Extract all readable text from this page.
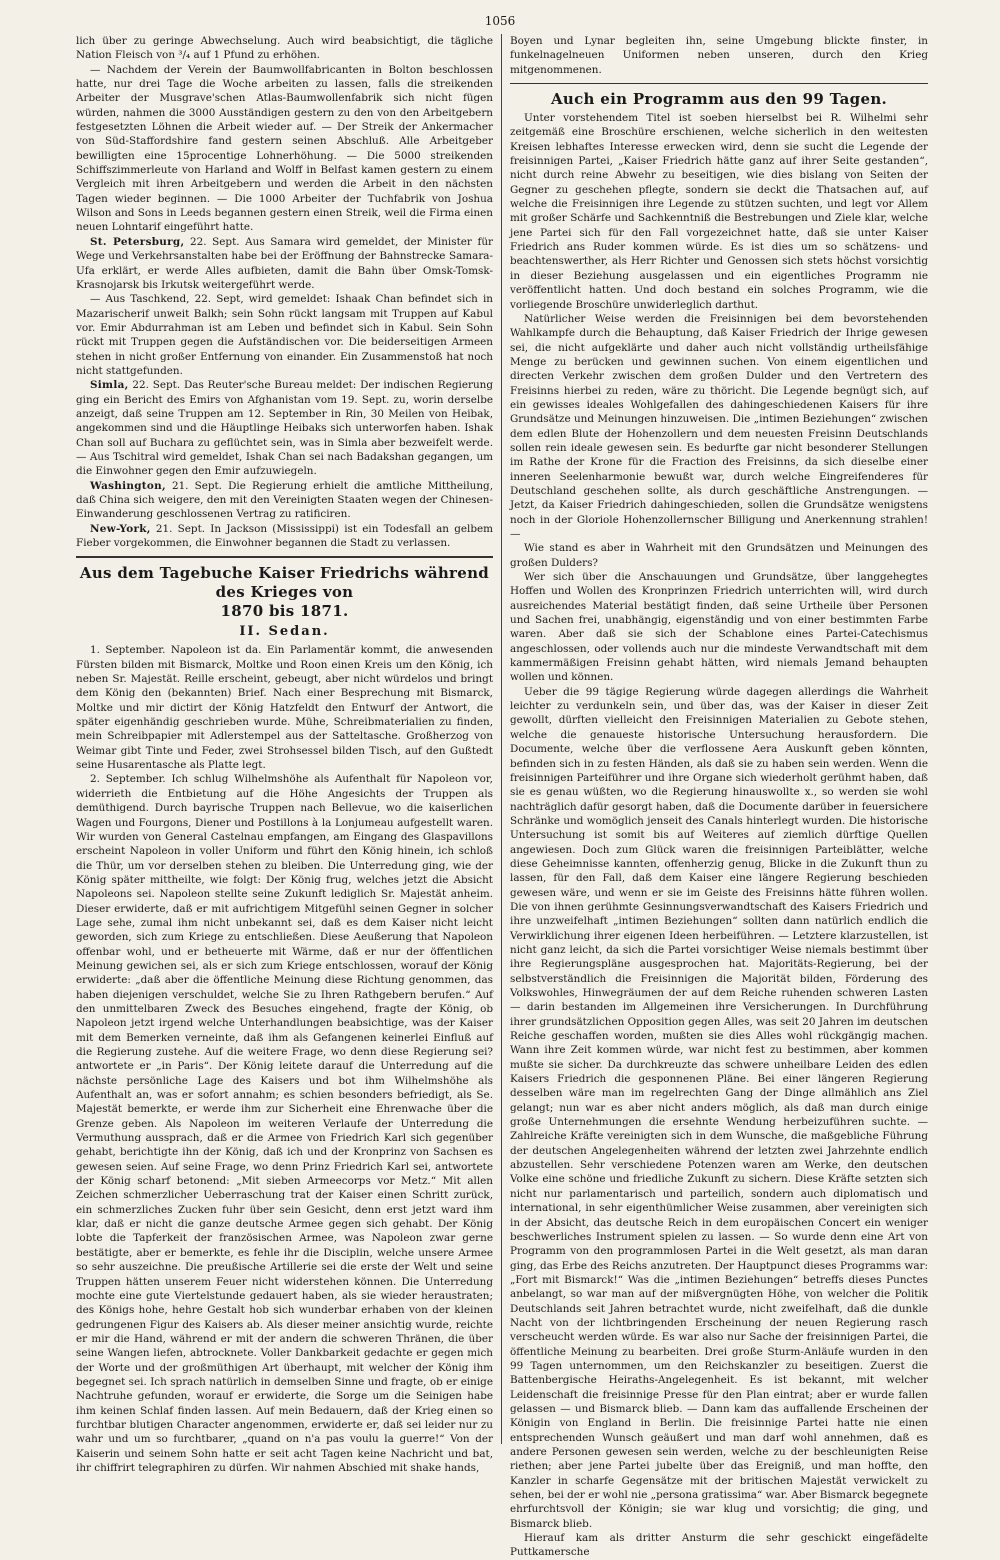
1056

lich über zu geringe Abwechselung. Auch wird beabsichtigt, die tägliche Nation Fleisch von ³/₄ auf 1 Pfund zu erhöhen.

— Nachdem der Verein der Baumwollfabricanten in Bolton beschlossen hatte, nur drei Tage die Woche arbeiten zu lassen, falls die streikenden Arbeiter der Musgrave'schen Atlas-Baumwollenfabrik sich nicht fügen würden, nahmen die 3000 Ausständigen gestern zu den von den Arbeitgebern festgesetzten Löhnen die Arbeit wieder auf. — Der Streik der Ankermacher von Süd-Staffordshire fand gestern seinen Abschluß. Alle Arbeitgeber bewilligten eine 15procentige Lohnerhöhung. — Die 5000 streikenden Schiffszimmerleute von Harland and Wolff in Belfast kamen gestern zu einem Vergleich mit ihren Arbeitgebern und werden die Arbeit in den nächsten Tagen wieder beginnen. — Die 1000 Arbeiter der Tuchfabrik von Joshua Wilson and Sons in Leeds begannen gestern einen Streik, weil die Firma einen neuen Lohntarif eingeführt hatte.

St. Petersburg, 22. Sept. Aus Samara wird gemeldet, der Minister für Wege und Verkehrsanstalten habe bei der Eröffnung der Bahnstrecke Samara-Ufa erklärt, er werde Alles aufbieten, damit die Bahn über Omsk-Tomsk-Krasnojarsk bis Irkutsk weitergeführt werde.

— Aus Taschkend, 22. Sept, wird gemeldet: Ishaak Chan befindet sich in Mazarischerif unweit Balkh; sein Sohn rückt langsam mit Truppen auf Kabul vor. Emir Abdurrahman ist am Leben und befindet sich in Kabul. Sein Sohn rückt mit Truppen gegen die Aufständischen vor. Die beiderseitigen Armeen stehen in nicht großer Entfernung von einander. Ein Zusammenstoß hat noch nicht stattgefunden.

Simla, 22. Sept. Das Reuter'sche Bureau meldet: Der indischen Regierung ging ein Bericht des Emirs von Afghanistan vom 19. Sept. zu, worin derselbe anzeigt, daß seine Truppen am 12. September in Rin, 30 Meilen von Heibak, angekommen sind und die Häuptlinge Heibaks sich unterworfen haben. Ishak Chan soll auf Buchara zu geflüchtet sein, was in Simla aber bezweifelt werde. — Aus Tschitral wird gemeldet, Ishak Chan sei nach Badakshan gegangen, um die Einwohner gegen den Emir aufzuwiegeln.

Washington, 21. Sept. Die Regierung erhielt die amtliche Mittheilung, daß China sich weigere, den mit den Vereinigten Staaten wegen der Chinesen-Einwanderung geschlossenen Vertrag zu ratificiren.

New-York, 21. Sept. In Jackson (Mississippi) ist ein Todesfall an gelbem Fieber vorgekommen, die Einwohner begannen die Stadt zu verlassen.

Aus dem Tagebuche Kaiser Friedrichs während des Krieges von
1870 bis 1871.
II. Sedan.

1. September. Napoleon ist da. Ein Parlamentär kommt, die anwesenden Fürsten bilden mit Bismarck, Moltke und Roon einen Kreis um den König, ich neben Sr. Majestät. Reille erscheint, gebeugt, aber nicht würdelos und bringt dem König den (bekannten) Brief. Nach einer Besprechung mit Bismarck, Moltke und mir dictirt der König Hatzfeldt den Entwurf der Antwort, die später eigenhändig geschrieben wurde. Mühe, Schreibmaterialien zu finden, mein Schreibpapier mit Adlerstempel aus der Satteltasche. Großherzog von Weimar gibt Tinte und Feder, zwei Strohsessel bilden Tisch, auf den Gußtedt seine Husarentasche als Platte legt.

2. September. Ich schlug Wilhelmshöhe als Aufenthalt für Napoleon vor, widerrieth die Entbietung auf die Höhe Angesichts der Truppen als demüthigend. Durch bayrische Truppen nach Bellevue, wo die kaiserlichen Wagen und Fourgons, Diener und Postillons à la Lonjumeau aufgestellt waren. Wir wurden von General Castelnau empfangen, am Eingang des Glaspavillons erscheint Napoleon in voller Uniform und führt den König hinein, ich schloß die Thür, um vor derselben stehen zu bleiben. Die Unterredung ging, wie der König später mittheilte, wie folgt: Der König frug, welches jetzt die Absicht Napoleons sei. Napoleon stellte seine Zukunft lediglich Sr. Majestät anheim. Dieser erwiderte, daß er mit aufrichtigem Mitgefühl seinen Gegner in solcher Lage sehe, zumal ihm nicht unbekannt sei, daß es dem Kaiser nicht leicht geworden, sich zum Kriege zu entschließen. Diese Aeußerung that Napoleon offenbar wohl, und er betheuerte mit Wärme, daß er nur der öffentlichen Meinung gewichen sei, als er sich zum Kriege entschlossen, worauf der König erwiderte: „daß aber die öffentliche Meinung diese Richtung genommen, das haben diejenigen verschuldet, welche Sie zu Ihren Rathgebern berufen.“ Auf den unmittelbaren Zweck des Besuches eingehend, fragte der König, ob Napoleon jetzt irgend welche Unterhandlungen beabsichtige, was der Kaiser mit dem Bemerken verneinte, daß ihm als Gefangenen keinerlei Einfluß auf die Regierung zustehe. Auf die weitere Frage, wo denn diese Regierung sei? antwortete er „in Paris“. Der König leitete darauf die Unterredung auf die nächste persönliche Lage des Kaisers und bot ihm Wilhelmshöhe als Aufenthalt an, was er sofort annahm; es schien besonders befriedigt, als Se. Majestät bemerkte, er werde ihm zur Sicherheit eine Ehrenwache über die Grenze geben. Als Napoleon im weiteren Verlaufe der Unterredung die Vermuthung aussprach, daß er die Armee von Friedrich Karl sich gegenüber gehabt, berichtigte ihn der König, daß ich und der Kronprinz von Sachsen es gewesen seien. Auf seine Frage, wo denn Prinz Friedrich Karl sei, antwortete der König scharf betonend: „Mit sieben Armeecorps vor Metz.“ Mit allen Zeichen schmerzlicher Ueberraschung trat der Kaiser einen Schritt zurück, ein schmerzliches Zucken fuhr über sein Gesicht, denn erst jetzt ward ihm klar, daß er nicht die ganze deutsche Armee gegen sich gehabt. Der König lobte die Tapferkeit der französischen Armee, was Napoleon zwar gerne bestätigte, aber er bemerkte, es fehle ihr die Disciplin, welche unsere Armee so sehr auszeichne. Die preußische Artillerie sei die erste der Welt und seine Truppen hätten unserem Feuer nicht widerstehen können. Die Unterredung mochte eine gute Viertelstunde gedauert haben, als sie wieder heraustraten; des Königs hohe, hehre Gestalt hob sich wunderbar erhaben von der kleinen gedrungenen Figur des Kaisers ab. Als dieser meiner ansichtig wurde, reichte er mir die Hand, während er mit der andern die schweren Thränen, die über seine Wangen liefen, abtrocknete. Voller Dankbarkeit gedachte er gegen mich der Worte und der großmüthigen Art überhaupt, mit welcher der König ihm begegnet sei. Ich sprach natürlich in demselben Sinne und fragte, ob er einige Nachtruhe gefunden, worauf er erwiderte, die Sorge um die Seinigen habe ihm keinen Schlaf finden lassen. Auf mein Bedauern, daß der Krieg einen so furchtbar blutigen Character angenommen, erwiderte er, daß sei leider nur zu wahr und um so furchtbarer, „quand on n'a pas voulu la guerre!“ Von der Kaiserin und seinem Sohn hatte er seit acht Tagen keine Nachricht und bat, ihr chiffrirt telegraphiren zu dürfen. Wir nahmen Abschied mit shake hands,

Boyen und Lynar begleiten ihn, seine Umgebung blickte finster, in funkelnagelneuen Uniformen neben unseren, durch den Krieg mitgenommenen.

Auch ein Programm aus den 99 Tagen.

Unter vorstehendem Titel ist soeben hierselbst bei R. Wilhelmi sehr zeitgemäß eine Broschüre erschienen, welche sicherlich in den weitesten Kreisen lebhaftes Interesse erwecken wird, denn sie sucht die Legende der freisinnigen Partei, „Kaiser Friedrich hätte ganz auf ihrer Seite gestanden“, nicht durch reine Abwehr zu beseitigen, wie dies bislang von Seiten der Gegner zu geschehen pflegte, sondern sie deckt die Thatsachen auf, auf welche die Freisinnigen ihre Legende zu stützen suchten, und legt vor Allem mit großer Schärfe und Sachkenntniß die Bestrebungen und Ziele klar, welche jene Partei sich für den Fall vorgezeichnet hatte, daß sie unter Kaiser Friedrich ans Ruder kommen würde. Es ist dies um so schätzens- und beachtenswerther, als Herr Richter und Genossen sich stets höchst vorsichtig in dieser Beziehung ausgelassen und ein eigentliches Programm nie veröffentlicht hatten. Und doch bestand ein solches Programm, wie die vorliegende Broschüre unwiderleglich darthut.

Natürlicher Weise werden die Freisinnigen bei dem bevorstehenden Wahlkampfe durch die Behauptung, daß Kaiser Friedrich der Ihrige gewesen sei, die nicht aufgeklärte und daher auch nicht vollständig urtheilsfähige Menge zu berücken und gewinnen suchen. Von einem eigentlichen und directen Verkehr zwischen dem großen Dulder und den Vertretern des Freisinns hierbei zu reden, wäre zu thöricht. Die Legende begnügt sich, auf ein gewisses ideales Wohlgefallen des dahingeschiedenen Kaisers für ihre Grundsätze und Meinungen hinzuweisen. Die „intimen Beziehungen“ zwischen dem edlen Blute der Hohenzollern und dem neuesten Freisinn Deutschlands sollen rein ideale gewesen sein. Es bedurfte gar nicht besonderer Stellungen im Rathe der Krone für die Fraction des Freisinns, da sich dieselbe einer inneren Seelenharmonie bewußt war, durch welche Eingreifenderes für Deutschland geschehen sollte, als durch geschäftliche Anstrengungen. — Jetzt, da Kaiser Friedrich dahingeschieden, sollen die Grundsätze wenigstens noch in der Gloriole Hohenzollernscher Billigung und Anerkennung strahlen! —

Wie stand es aber in Wahrheit mit den Grundsätzen und Meinungen des großen Dulders?

Wer sich über die Anschauungen und Grundsätze, über langgehegtes Hoffen und Wollen des Kronprinzen Friedrich unterrichten will, wird durch ausreichendes Material bestätigt finden, daß seine Urtheile über Personen und Sachen frei, unabhängig, eigenständig und von einer bestimmten Farbe waren. Aber daß sie sich der Schablone eines Partei-Catechismus angeschlossen, oder vollends auch nur die mindeste Verwandtschaft mit dem kammermäßigen Freisinn gehabt hätten, wird niemals Jemand behaupten wollen und können.

Ueber die 99 tägige Regierung würde dagegen allerdings die Wahrheit leichter zu verdunkeln sein, und über das, was der Kaiser in dieser Zeit gewollt, dürften vielleicht den Freisinnigen Materialien zu Gebote stehen, welche die genaueste historische Untersuchung herausfordern. Die Documente, welche über die verflossene Aera Auskunft geben könnten, befinden sich in zu festen Händen, als daß sie zu haben sein werden. Wenn die freisinnigen Parteiführer und ihre Organe sich wiederholt gerühmt haben, daß sie es genau wüßten, wo die Regierung hinauswollte x., so werden sie wohl nachträglich dafür gesorgt haben, daß die Documente darüber in feuersichere Schränke und womöglich jenseit des Canals hinterlegt wurden. Die historische Untersuchung ist somit bis auf Weiteres auf ziemlich dürftige Quellen angewiesen. Doch zum Glück waren die freisinnigen Parteiblätter, welche diese Geheimnisse kannten, offenherzig genug, Blicke in die Zukunft thun zu lassen, für den Fall, daß dem Kaiser eine längere Regierung beschieden gewesen wäre, und wenn er sie im Geiste des Freisinns hätte führen wollen. Die von ihnen gerühmte Gesinnungsverwandtschaft des Kaisers Friedrich und ihre unzweifelhaft „intimen Beziehungen“ sollten dann natürlich endlich die Verwirklichung ihrer eigenen Ideen herbeiführen. — Letztere klarzustellen, ist nicht ganz leicht, da sich die Partei vorsichtiger Weise niemals bestimmt über ihre Regierungspläne ausgesprochen hat. Majoritäts-Regierung, bei der selbstverständlich die Freisinnigen die Majorität bilden, Förderung des Volkswohles, Hinwegräumen der auf dem Reiche ruhenden schweren Lasten — darin bestanden im Allgemeinen ihre Versicherungen. In Durchführung ihrer grundsätzlichen Opposition gegen Alles, was seit 20 Jahren im deutschen Reiche geschaffen worden, mußten sie dies Alles wohl rückgängig machen. Wann ihre Zeit kommen würde, war nicht fest zu bestimmen, aber kommen mußte sie sicher. Da durchkreuzte das schwere unheilbare Leiden des edlen Kaisers Friedrich die gesponnenen Pläne. Bei einer längeren Regierung desselben wäre man im regelrechten Gang der Dinge allmählich ans Ziel gelangt; nun war es aber nicht anders möglich, als daß man durch einige große Unternehmungen die ersehnte Wendung herbeizuführen suchte. — Zahlreiche Kräfte vereinigten sich in dem Wunsche, die maßgebliche Führung der deutschen Angelegenheiten während der letzten zwei Jahrzehnte endlich abzustellen. Sehr verschiedene Potenzen waren am Werke, den deutschen Volke eine schöne und friedliche Zukunft zu sichern. Diese Kräfte setzten sich nicht nur parlamentarisch und parteilich, sondern auch diplomatisch und international, in sehr eigenthümlicher Weise zusammen, aber vereinigten sich in der Absicht, das deutsche Reich in dem europäischen Concert ein weniger beschwerliches Instrument spielen zu lassen. — So wurde denn eine Art von Programm von den programmlosen Partei in die Welt gesetzt, als man daran ging, das Erbe des Reichs anzutreten. Der Hauptpunct dieses Programms war: „Fort mit Bismarck!“ Was die „intimen Beziehungen“ betreffs dieses Punctes anbelangt, so war man auf der mißvergnügten Höhe, von welcher die Politik Deutschlands seit Jahren betrachtet wurde, nicht zweifelhaft, daß die dunkle Nacht von der lichtbringenden Erscheinung der neuen Regierung rasch verscheucht werden würde. Es war also nur Sache der freisinnigen Partei, die öffentliche Meinung zu bearbeiten. Drei große Sturm-Anläufe wurden in den 99 Tagen unternommen, um den Reichskanzler zu beseitigen. Zuerst die Battenbergische Heiraths-Angelegenheit. Es ist bekannt, mit welcher Leidenschaft die freisinnige Presse für den Plan eintrat; aber er wurde fallen gelassen — und Bismarck blieb. — Dann kam das auffallende Erscheinen der Königin von England in Berlin. Die freisinnige Partei hatte nie einen entsprechenden Wunsch geäußert und man darf wohl annehmen, daß es andere Personen gewesen sein werden, welche zu der beschleunigten Reise riethen; aber jene Partei jubelte über das Ereigniß, und man hoffte, den Kanzler in scharfe Gegensätze mit der britischen Majestät verwickelt zu sehen, bei der er wohl nie „persona gratissima“ war. Aber Bismarck begegnete ehrfurchtsvoll der Königin; sie war klug und vorsichtig; die ging, und Bismarck blieb.

Hierauf kam als dritter Ansturm die sehr geschickt eingefädelte Puttkamersche
